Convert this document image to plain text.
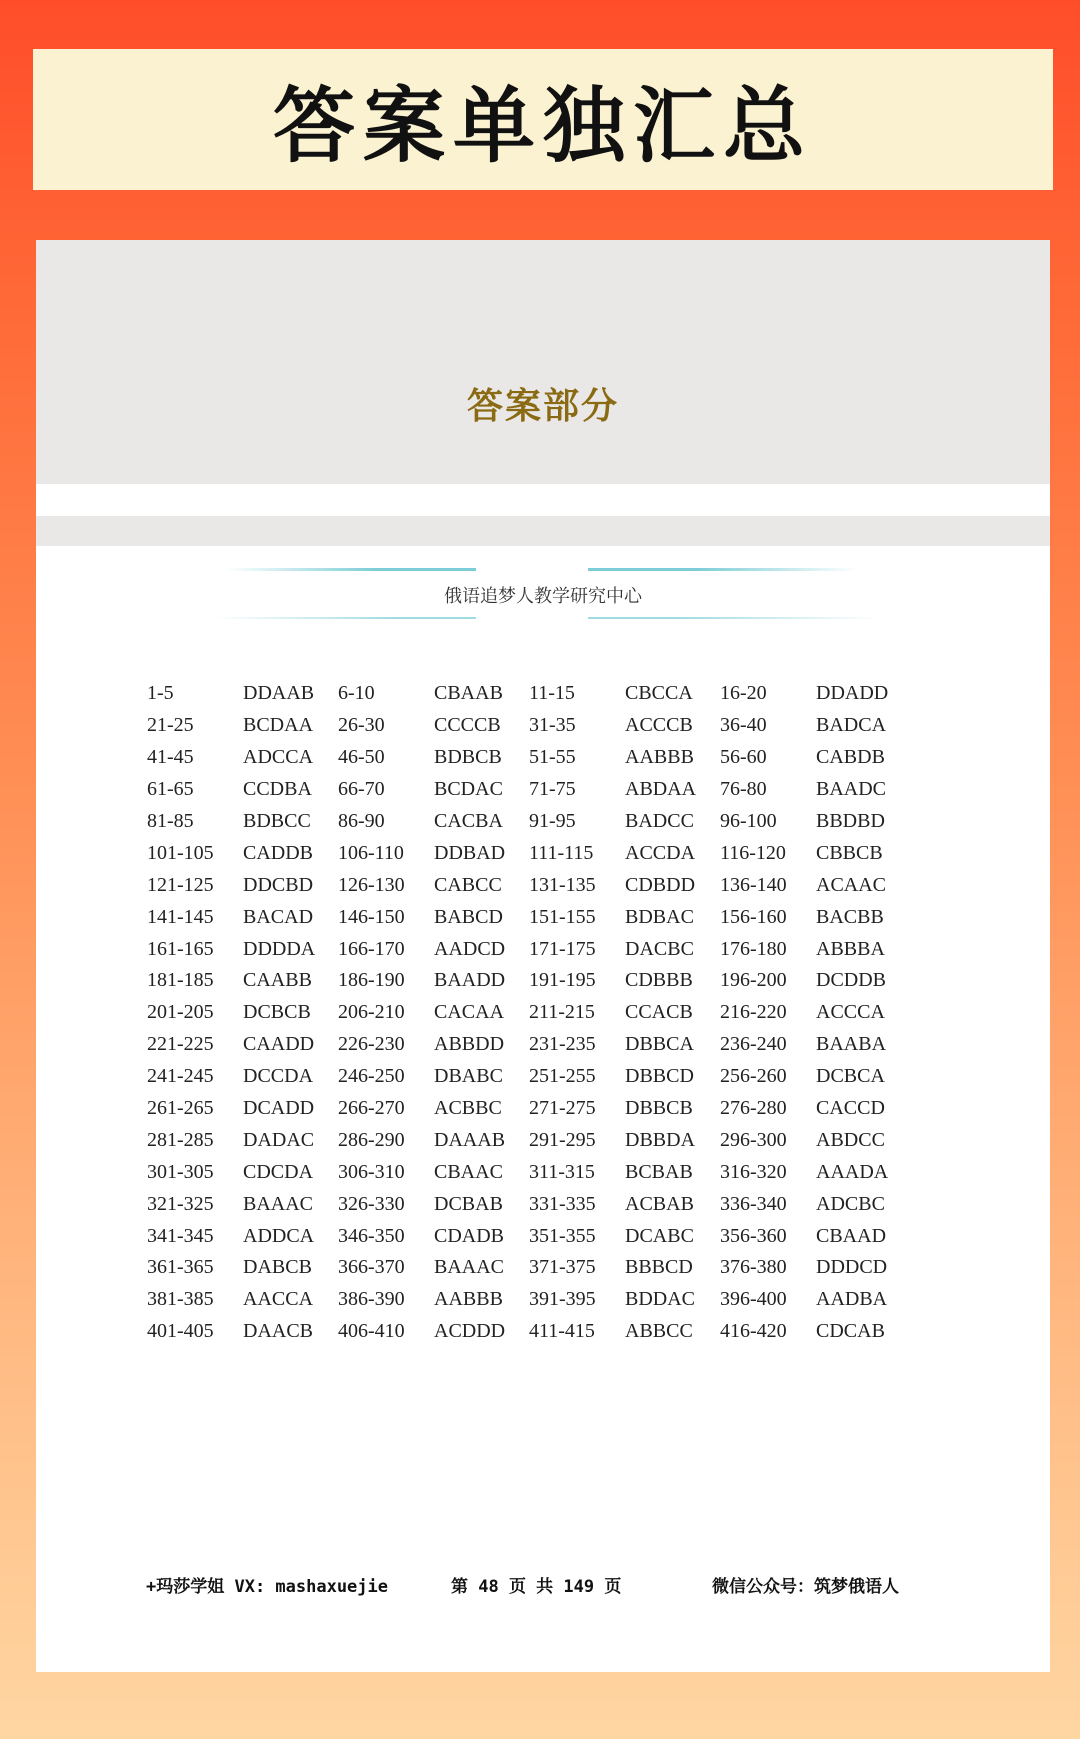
答案单独汇总
答案部分
俄语追梦人教学研究中心
1-5	DDAAB	6-10	CBAAB	11-15	CBCCA	16-20	DDADD
21-25	BCDAA	26-30	CCCCB	31-35	ACCCB	36-40	BADCA
41-45	ADCCA	46-50	BDBCB	51-55	AABBB	56-60	CABDB
61-65	CCDBA	66-70	BCDAC	71-75	ABDAA	76-80	BAADC
81-85	BDBCC	86-90	CACBA	91-95	BADCC	96-100	BBDBD
101-105	CADDB	106-110	DDBAD	111-115	ACCDA	116-120	CBBCB
121-125	DDCBD	126-130	CABCC	131-135	CDBDD	136-140	ACAAC
141-145	BACAD	146-150	BABCD	151-155	BDBAC	156-160	BACBB
161-165	DDDDA	166-170	AADCD	171-175	DACBC	176-180	ABBBA
181-185	CAABB	186-190	BAADD	191-195	CDBBB	196-200	DCDDB
201-205	DCBCB	206-210	CACAA	211-215	CCACB	216-220	ACCCA
221-225	CAADD	226-230	ABBDD	231-235	DBBCA	236-240	BAABA
241-245	DCCDA	246-250	DBABC	251-255	DBBCD	256-260	DCBCA
261-265	DCADD	266-270	ACBBC	271-275	DBBCB	276-280	CACCD
281-285	DADAC	286-290	DAAAB	291-295	DBBDA	296-300	ABDCC
301-305	CDCDA	306-310	CBAAC	311-315	BCBAB	316-320	AAADA
321-325	BAAAC	326-330	DCBAB	331-335	ACBAB	336-340	ADCBC
341-345	ADDCA	346-350	CDADB	351-355	DCABC	356-360	CBAAD
361-365	DABCB	366-370	BAAAC	371-375	BBBCD	376-380	DDDCD
381-385	AACCA	386-390	AABBB	391-395	BDDAC	396-400	AADBA
401-405	DAACB	406-410	ACDDD	411-415	ABBCC	416-420	CDCAB
+玛莎学姐 VX: mashaxuejie	第 48 页 共 149 页	微信公众号：筑梦俄语人
